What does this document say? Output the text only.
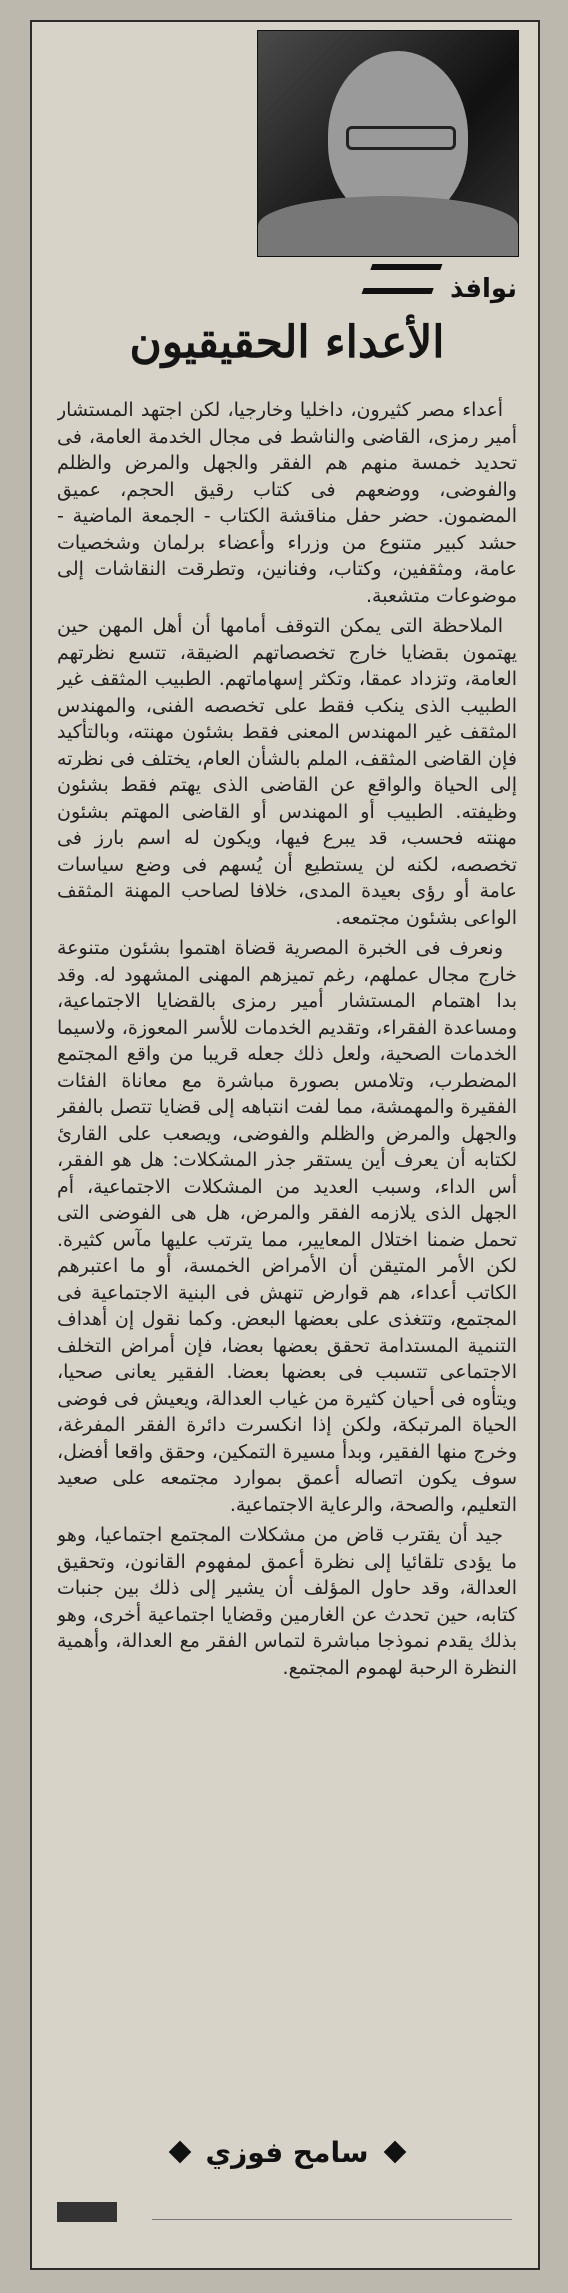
نوافذ
الأعداء الحقيقيون

أعداء مصر كثيرون، داخليا وخارجيا، لكن اجتهد المستشار أمير رمزى، القاضى والناشط فى مجال الخدمة العامة، فى تحديد خمسة منهم هم الفقر والجهل والمرض والظلم والفوضى، ووضعهم فى كتاب رقيق الحجم، عميق المضمون. حضر حفل مناقشة الكتاب - الجمعة الماضية - حشد كبير متنوع من وزراء وأعضاء برلمان وشخصيات عامة، ومثقفين، وكتاب، وفنانين، وتطرقت النقاشات إلى موضوعات متشعبة.

الملاحظة التى يمكن التوقف أمامها أن أهل المهن حين يهتمون بقضايا خارج تخصصاتهم الضيقة، تتسع نظرتهم العامة، وتزداد عمقا، وتكثر إسهاماتهم. الطبيب المثقف غير الطبيب الذى ينكب فقط على تخصصه الفنى، والمهندس المثقف غير المهندس المعنى فقط بشئون مهنته، وبالتأكيد فإن القاضى المثقف، الملم بالشأن العام، يختلف فى نظرته إلى الحياة والواقع عن القاضى الذى يهتم فقط بشئون وظيفته. الطبيب أو المهندس أو القاضى المهتم بشئون مهنته فحسب، قد يبرع فيها، ويكون له اسم بارز فى تخصصه، لكنه لن يستطيع أن يُسهم فى وضع سياسات عامة أو رؤى بعيدة المدى، خلافا لصاحب المهنة المثقف الواعى بشئون مجتمعه.

ونعرف فى الخبرة المصرية قضاة اهتموا بشئون متنوعة خارج مجال عملهم، رغم تميزهم المهنى المشهود له. وقد بدا اهتمام المستشار أمير رمزى بالقضايا الاجتماعية، ومساعدة الفقراء، وتقديم الخدمات للأسر المعوزة، ولاسيما الخدمات الصحية، ولعل ذلك جعله قريبا من واقع المجتمع المضطرب، وتلامس بصورة مباشرة مع معاناة الفئات الفقيرة والمهمشة، مما لفت انتباهه إلى قضايا تتصل بالفقر والجهل والمرض والظلم والفوضى، ويصعب على القارئ لكتابه أن يعرف أين يستقر جذر المشكلات: هل هو الفقر، أس الداء، وسبب العديد من المشكلات الاجتماعية، أم الجهل الذى يلازمه الفقر والمرض، هل هى الفوضى التى تحمل ضمنا اختلال المعايير، مما يترتب عليها مآس كثيرة. لكن الأمر المتيقن أن الأمراض الخمسة، أو ما اعتبرهم الكاتب أعداء، هم قوارض تنهش فى البنية الاجتماعية فى المجتمع، وتتغذى على بعضها البعض. وكما نقول إن أهداف التنمية المستدامة تحقق بعضها بعضا، فإن أمراض التخلف الاجتماعى تتسبب فى بعضها بعضا. الفقير يعانى صحيا، ويتأوه فى أحيان كثيرة من غياب العدالة، ويعيش فى فوضى الحياة المرتبكة، ولكن إذا انكسرت دائرة الفقر المفرغة، وخرج منها الفقير، وبدأ مسيرة التمكين، وحقق واقعا أفضل، سوف يكون اتصاله أعمق بموارد مجتمعه على صعيد التعليم، والصحة، والرعاية الاجتماعية.

جيد أن يقترب قاض من مشكلات المجتمع اجتماعيا، وهو ما يؤدى تلقائيا إلى نظرة أعمق لمفهوم القانون، وتحقيق العدالة، وقد حاول المؤلف أن يشير إلى ذلك بين جنبات كتابه، حين تحدث عن الغارمين وقضايا اجتماعية أخرى، وهو بذلك يقدم نموذجا مباشرة لتماس الفقر مع العدالة، وأهمية النظرة الرحبة لهموم المجتمع.

سامح فوزي
